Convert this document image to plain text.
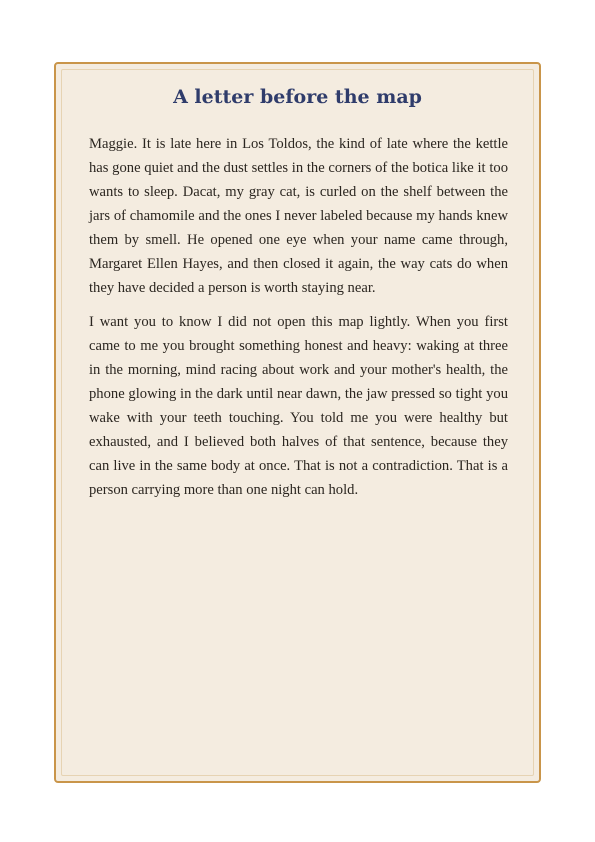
A letter before the map

Maggie. It is late here in Los Toldos, the kind of late where the kettle has gone quiet and the dust settles in the corners of the botica like it too wants to sleep. Dacat, my gray cat, is curled on the shelf between the jars of chamomile and the ones I never labeled because my hands knew them by smell. He opened one eye when your name came through, Margaret Ellen Hayes, and then closed it again, the way cats do when they have decided a person is worth staying near.

I want you to know I did not open this map lightly. When you first came to me you brought something honest and heavy: waking at three in the morning, mind racing about work and your mother's health, the phone glowing in the dark until near dawn, the jaw pressed so tight you wake with your teeth touching. You told me you were healthy but exhausted, and I believed both halves of that sentence, because they can live in the same body at once. That is not a contradiction. That is a person carrying more than one night can hold.
